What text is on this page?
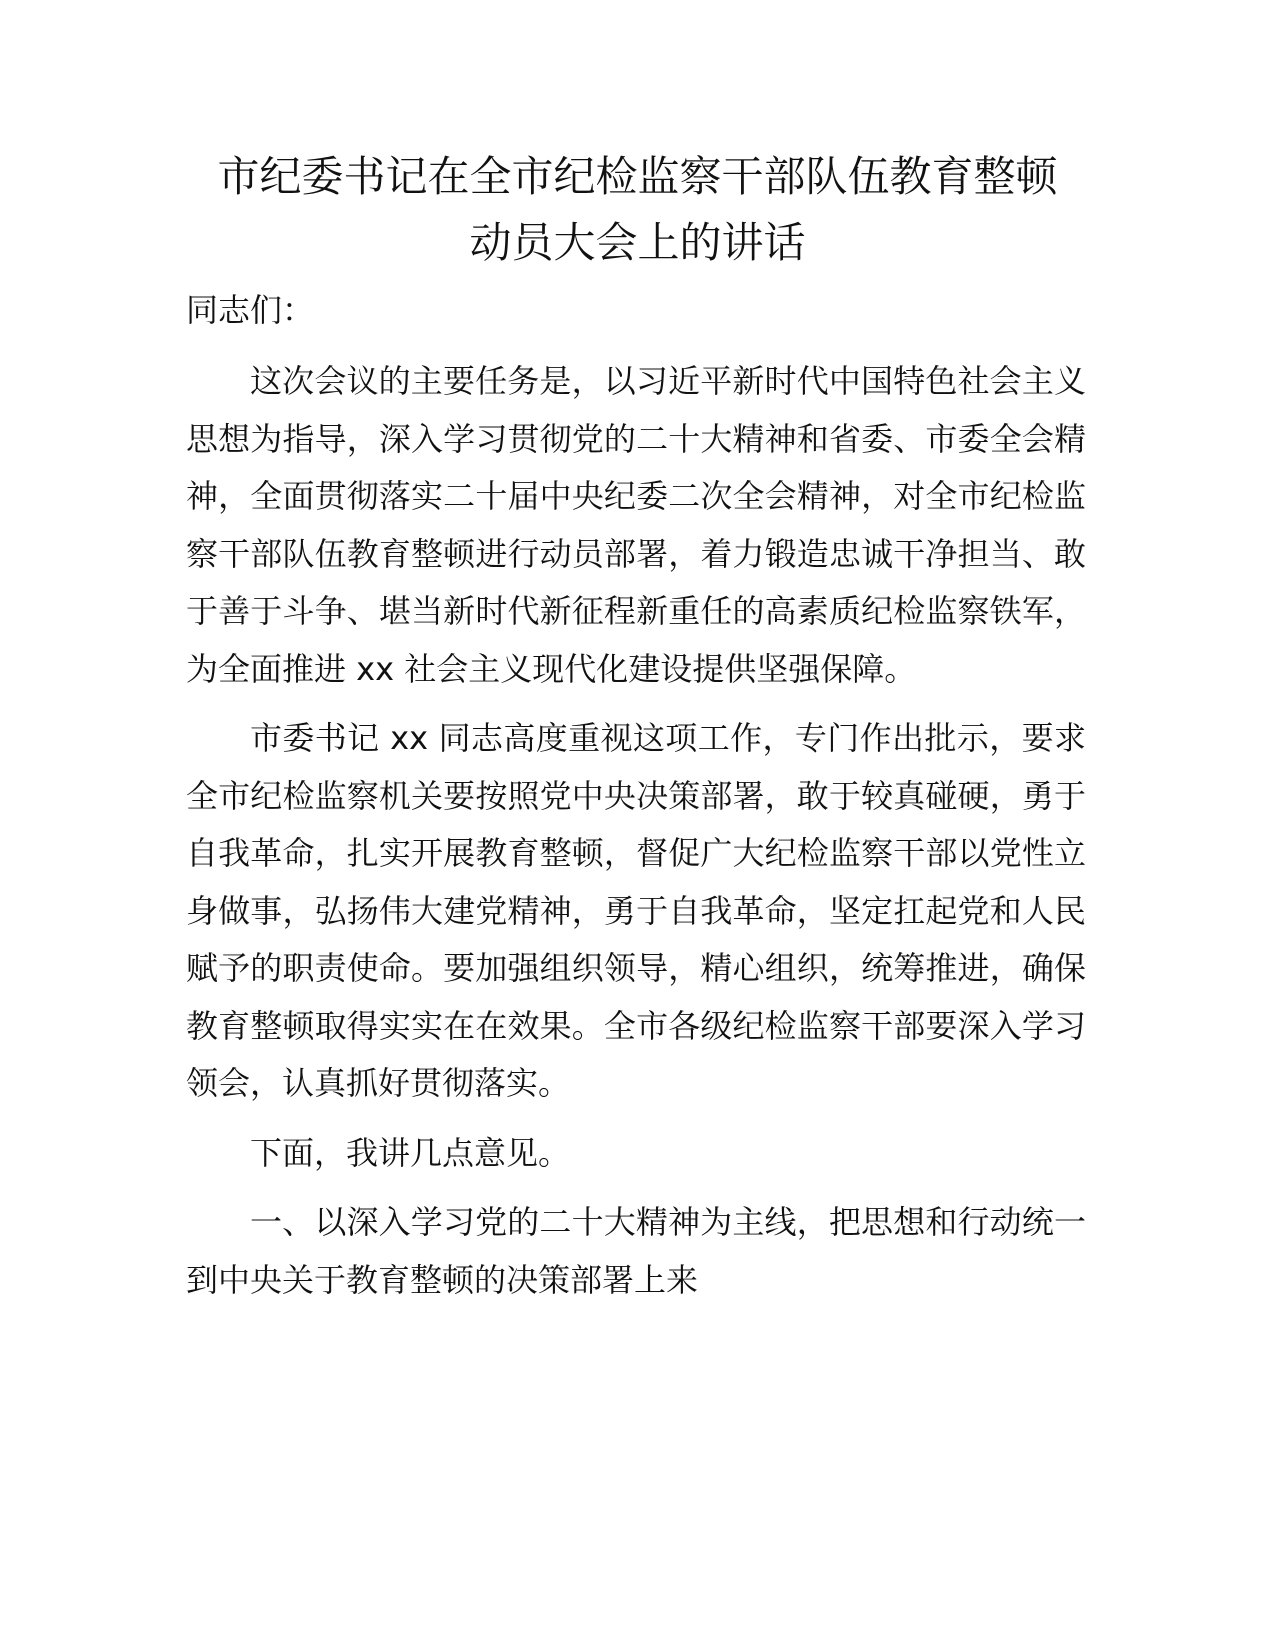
市纪委书记在全市纪检监察干部队伍教育整顿
动员大会上的讲话

同志们：

这次会议的主要任务是，以习近平新时代中国特色社会主义思想为指导，深入学习贯彻党的二十大精神和省委、市委全会精神，全面贯彻落实二十届中央纪委二次全会精神，对全市纪检监察干部队伍教育整顿进行动员部署，着力锻造忠诚干净担当、敢于善于斗争、堪当新时代新征程新重任的高素质纪检监察铁军，为全面推进 xx 社会主义现代化建设提供坚强保障。

市委书记 xx 同志高度重视这项工作，专门作出批示，要求全市纪检监察机关要按照党中央决策部署，敢于较真碰硬，勇于自我革命，扎实开展教育整顿，督促广大纪检监察干部以党性立身做事，弘扬伟大建党精神，勇于自我革命，坚定扛起党和人民赋予的职责使命。要加强组织领导，精心组织，统筹推进，确保教育整顿取得实实在在效果。全市各级纪检监察干部要深入学习领会，认真抓好贯彻落实。

下面，我讲几点意见。

一、以深入学习党的二十大精神为主线，把思想和行动统一到中央关于教育整顿的决策部署上来
